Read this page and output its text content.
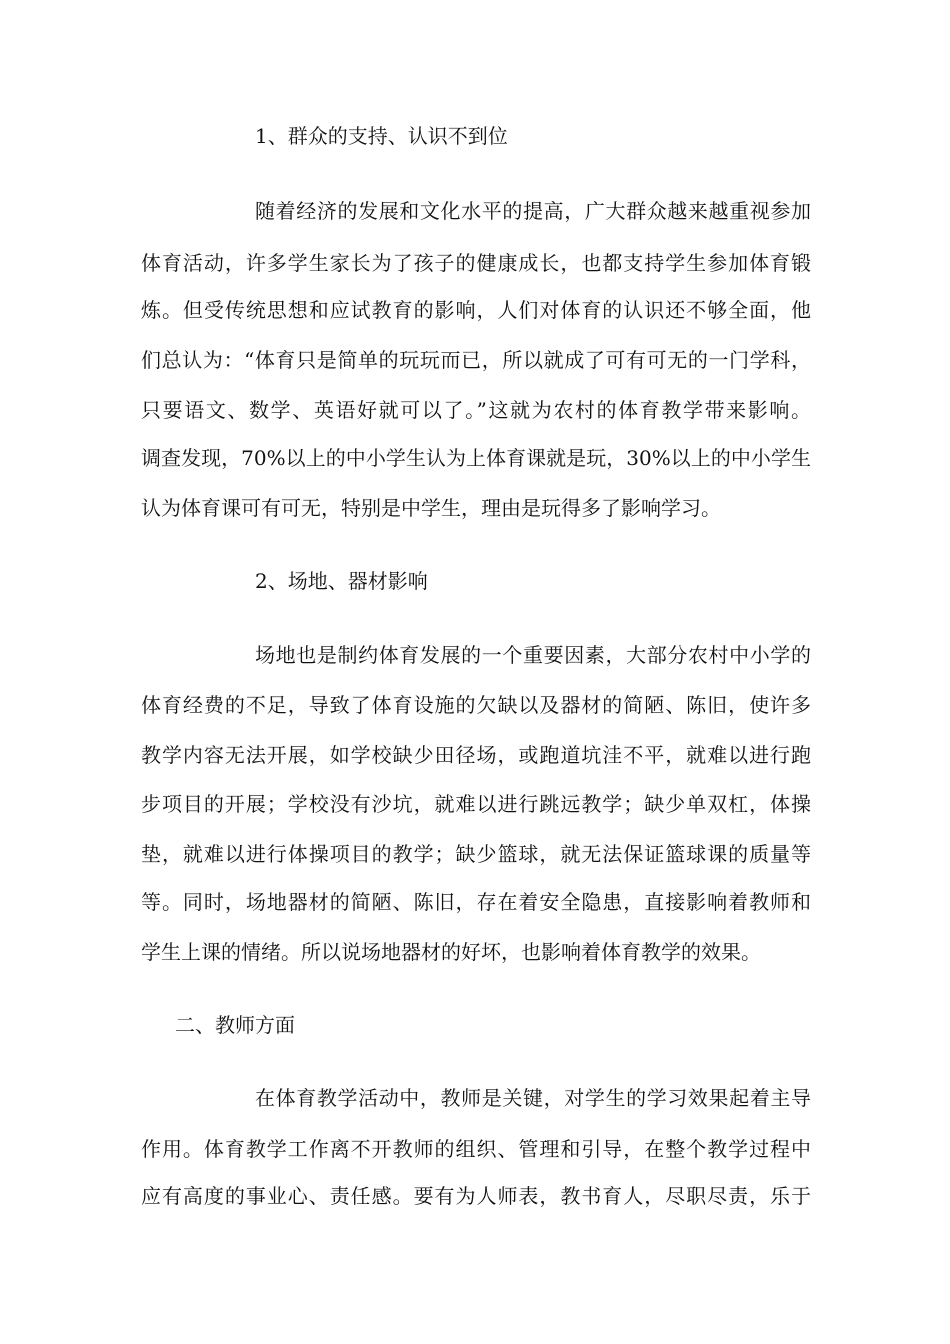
1、群众的支持、认识不到位
随着经济的发展和文化水平的提高，广大群众越来越重视参加
体育活动，许多学生家长为了孩子的健康成长，也都支持学生参加体育锻
炼。但受传统思想和应试教育的影响，人们对体育的认识还不够全面，他
们总认为：“体育只是简单的玩玩而已，所以就成了可有可无的一门学科，
只要语文、数学、英语好就可以了。”这就为农村的体育教学带来影响。
调查发现，70%以上的中小学生认为上体育课就是玩，30%以上的中小学生
认为体育课可有可无，特别是中学生，理由是玩得多了影响学习。
2、场地、器材影响
场地也是制约体育发展的一个重要因素，大部分农村中小学的
体育经费的不足，导致了体育设施的欠缺以及器材的简陋、陈旧，使许多
教学内容无法开展，如学校缺少田径场，或跑道坑洼不平，就难以进行跑
步项目的开展；学校没有沙坑，就难以进行跳远教学；缺少单双杠，体操
垫，就难以进行体操项目的教学；缺少篮球，就无法保证篮球课的质量等
等。同时，场地器材的简陋、陈旧，存在着安全隐患，直接影响着教师和
学生上课的情绪。所以说场地器材的好坏，也影响着体育教学的效果。
二、教师方面
在体育教学活动中，教师是关键，对学生的学习效果起着主导
作用。体育教学工作离不开教师的组织、管理和引导，在整个教学过程中
应有高度的事业心、责任感。要有为人师表，教书育人，尽职尽责，乐于
